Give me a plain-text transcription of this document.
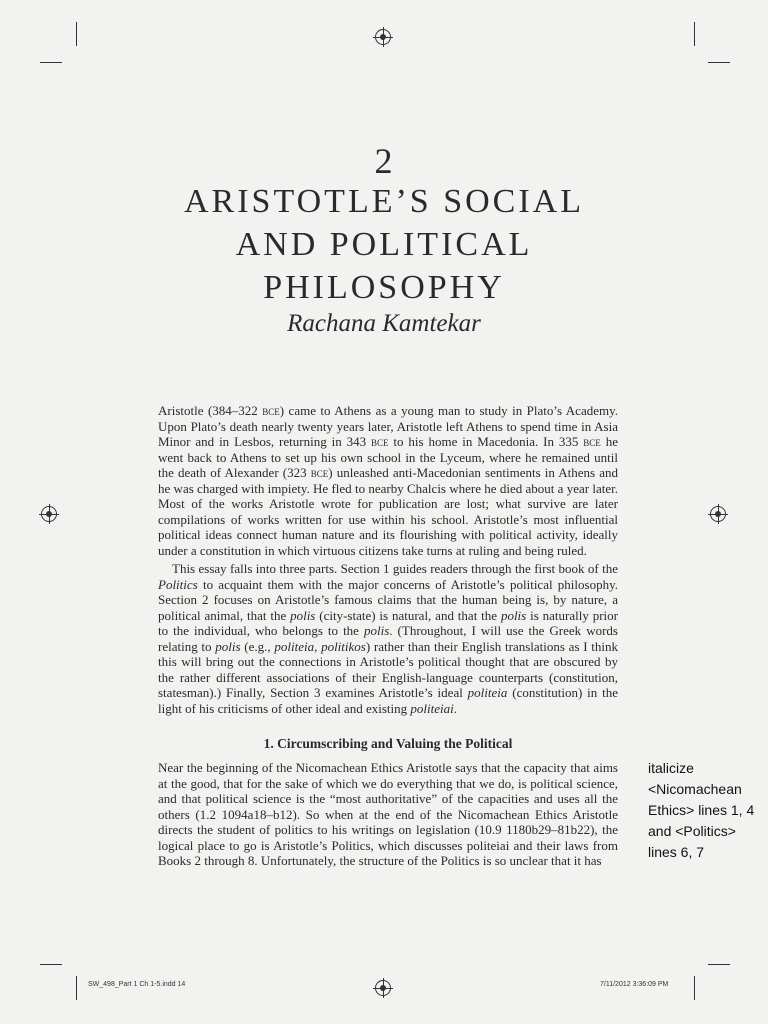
2
ARISTOTLE’S SOCIAL AND POLITICAL PHILOSOPHY
Rachana Kamtekar

Aristotle (384–322 bce) came to Athens as a young man to study in Plato’s Academy. Upon Plato’s death nearly twenty years later, Aristotle left Athens to spend time in Asia Minor and in Lesbos, returning in 343 bce to his home in Macedonia. In 335 bce he went back to Athens to set up his own school in the Lyceum, where he remained until the death of Alexander (323 bce) unleashed anti-Macedonian sentiments in Athens and he was charged with impiety. He fled to nearby Chalcis where he died about a year later. Most of the works Aristotle wrote for publication are lost; what survive are later compilations of works written for use within his school. Aristotle’s most influential political ideas connect human nature and its flourishing with political activity, ideally under a constitution in which virtuous citizens take turns at ruling and being ruled.

This essay falls into three parts. Section 1 guides readers through the first book of the Politics to acquaint them with the major concerns of Aristotle’s political philosophy. Section 2 focuses on Aristotle’s famous claims that the human being is, by nature, a political animal, that the polis (city-state) is natural, and that the polis is naturally prior to the individual, who belongs to the polis. (Throughout, I will use the Greek words relating to polis (e.g., politeia, politikos) rather than their English translations as I think this will bring out the connections in Aristotle’s political thought that are obscured by the rather different associations of their English-language counterparts (constitution, statesman).) Finally, Section 3 examines Aristotle’s ideal politeia (constitution) in the light of his criticisms of other ideal and existing politeiai.

1. Circumscribing and Valuing the Political

Near the beginning of the Nicomachean Ethics Aristotle says that the capacity that aims at the good, that for the sake of which we do everything that we do, is political science, and that political science is the “most authoritative” of the capacities and uses all the others (1.2 1094a18–b12). So when at the end of the Nicomachean Ethics Aristotle directs the student of politics to his writings on legislation (10.9 1180b29–81b22), the logical place to go is Aristotle’s Politics, which discusses politeiai and their laws from Books 2 through 8. Unfortunately, the structure of the Politics is so unclear that it has

italicize
<Nicomachean
Ethics> lines 1, 4
and <Politics>
lines 6, 7
SW_498_Part 1 Ch 1-5.indd 14	7/11/2012 3:36:09 PM
